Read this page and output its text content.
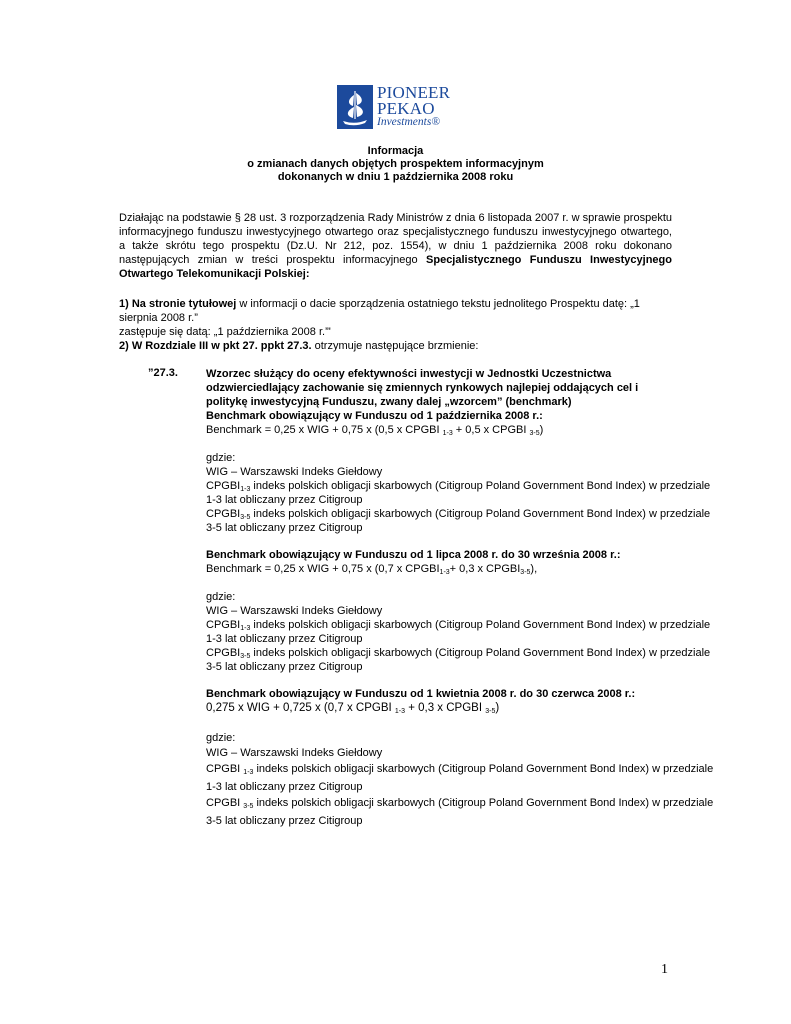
PIONEER
PEKAO
Investments®
Informacja
o zmianach danych objętych prospektem informacyjnym
dokonanych w dniu 1 października 2008 roku
Działając na podstawie § 28 ust. 3 rozporządzenia Rady Ministrów z dnia 6 listopada 2007 r. w sprawie prospektu informacyjnego funduszu inwestycyjnego otwartego oraz specjalistycznego funduszu inwestycyjnego otwartego, a także skrótu tego prospektu (Dz.U. Nr 212, poz. 1554), w dniu 1 października 2008 roku dokonano następujących zmian w treści prospektu informacyjnego Specjalistycznego Funduszu Inwestycyjnego Otwartego Telekomunikacji Polskiej:
1) Na stronie tytułowej w informacji o dacie sporządzenia ostatniego tekstu jednolitego Prospektu datę: „1 sierpnia 2008 r.”
zastępuje się datą: „1 października 2008 r.”'
2) W Rozdziale III w pkt 27. ppkt 27.3. otrzymuje następujące brzmienie:
”27.3.	Wzorzec służący do oceny efektywności inwestycji w Jednostki Uczestnictwa odzwierciedlający zachowanie się zmiennych rynkowych najlepiej oddających cel i politykę inwestycyjną Funduszu, zwany dalej „wzorcem” (benchmark)
Benchmark obowiązujący w Funduszu od 1 października 2008 r.:
Benchmark = 0,25 x WIG + 0,75 x (0,5 x CPGBI $_{1-3}$ + 0,5 x CPGBI $_{3-5}$)
gdzie:
WIG – Warszawski Indeks Giełdowy
$CPGBI_{1-3}$ indeks polskich obligacji skarbowych (Citigroup Poland Government Bond Index) w przedziale
1-3 lat obliczany przez Citigroup
$CPGBI_{3-5}$ indeks polskich obligacji skarbowych (Citigroup Poland Government Bond Index) w przedziale
3-5 lat obliczany przez Citigroup
Benchmark obowiązujący w Funduszu od 1 lipca 2008 r. do 30 września 2008 r.:
Benchmark = 0,25 x WIG + 0,75 x (0,7 x $CPGBI_{1-3}+ 0,3$ x $CPGBI_{3-5}$),
gdzie:
WIG – Warszawski Indeks Giełdowy
$CPGBI_{1-3}$ indeks polskich obligacji skarbowych (Citigroup Poland Government Bond Index) w przedziale
1-3 lat obliczany przez Citigroup
$CPGBI_{3-5}$ indeks polskich obligacji skarbowych (Citigroup Poland Government Bond Index) w przedziale
3-5 lat obliczany przez Citigroup
Benchmark obowiązujący w Funduszu od 1 kwietnia 2008 r. do 30 czerwca 2008 r.:
0,275 x WIG + 0,725 x (0,7 x CPGBI $_{1-3}$ + 0,3 x CPGBI $_{3-5}$)
gdzie:
WIG – Warszawski Indeks Giełdowy
CPGBI $_{1-3}$ indeks polskich obligacji skarbowych (Citigroup Poland Government Bond Index) w przedziale
1-3 lat obliczany przez Citigroup
CPGBI $_{3-5}$ indeks polskich obligacji skarbowych (Citigroup Poland Government Bond Index) w przedziale
3-5 lat obliczany przez Citigroup
1
